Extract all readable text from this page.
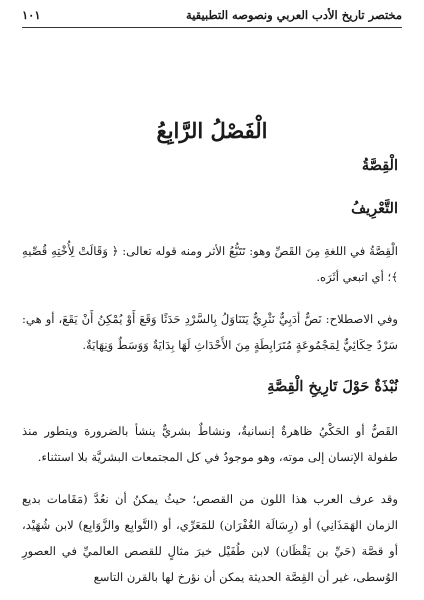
مختصر تاريخ الأدب العربي ونصوصه التطبيقية
١٠١
الْفَصْلُ الرَّابِعُ
الْقِصَّةُ
التَّعْرِيفُ

الْقِصَّةُ في اللغةِ مِنَ القَصِّ وهو: تَتَبُّعُ الأثر ومنه قوله تعالى: ﴿ وَقَالَتْ لِأُخْتِهِ قُصِّيهِ ﴾؛ أي اتبعي أثَرَه.

وفي الاصطلاح: نَصٌّ أدَبِيٌّ نَثْرِيٌّ يَتَنَاوَلُ بِالسَّرْدِ حَدَثًا وَقَعَ أَوْ يُمْكِنُ أَنْ يَقَعَ، أو هي: سَرْدٌ حِكَائِيٌّ لِمَجْمُوعَةٍ مُتَرَابِطَةٍ مِنَ الأَحْدَاثِ لَهَا بِدَايَةٌ وَوَسَطٌ وَنِهَايَةٌ.

نُبْذَةٌ حَوْلَ تَارِيخِ الْقِصَّةِ

القَصُّ أو الحَكْيُ ظاهرةٌ إنسانيةٌ، ونشاطٌ بشريٌّ ينشأ بالضرورة ويتطور منذ طفولة الإنسان إلى موته، وهو موجودٌ في كل المجتمعات البشريَّة بلا استثناء.

وقد عرف العرب هذا اللون من القصص؛ حيثُ يمكنُ أن نعُدَّ (مَقَامات بديع الزمان الهَمَذَانِي) أو (رِسَالَة الغُفْرَان) للمَعَرِّي، أو (التَّوابِع والزَّوَابِع) لابن شُهَيْد، أو قصَّة (حَيِّ بن يَقْظَان) لابن طُفَيْل خيرَ مثالٍ للقصص العالميِّ في العصورِ الوُسطى، غير أن القِصَّة الحديثة يمكن أن نؤرخ لها بالقرن التاسع
